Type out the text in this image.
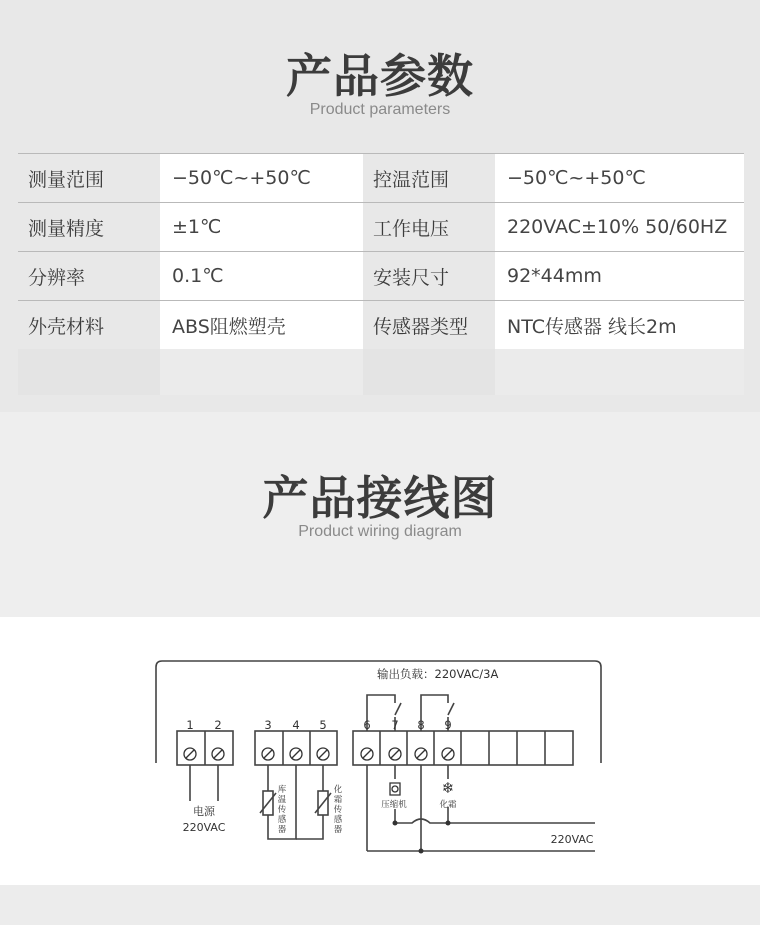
产品参数
Product parameters
测量范围	−50℃~+50℃	控温范围	−50℃~+50℃
测量精度	±1℃	工作电压	220VAC±10% 50/60HZ
分辨率	0.1℃	安装尺寸	92*44mm
外壳材料	ABS阻燃塑壳	传感器类型	NTC传感器 线长2m
产品接线图
Product wiring diagram
❄
输出负载：220VAC/3A
1 2	3 4 5	6 7 8 9
电源
220VAC
库
温
传
感
器
化
霜
传
感
器
压缩机	化霜
220VAC
